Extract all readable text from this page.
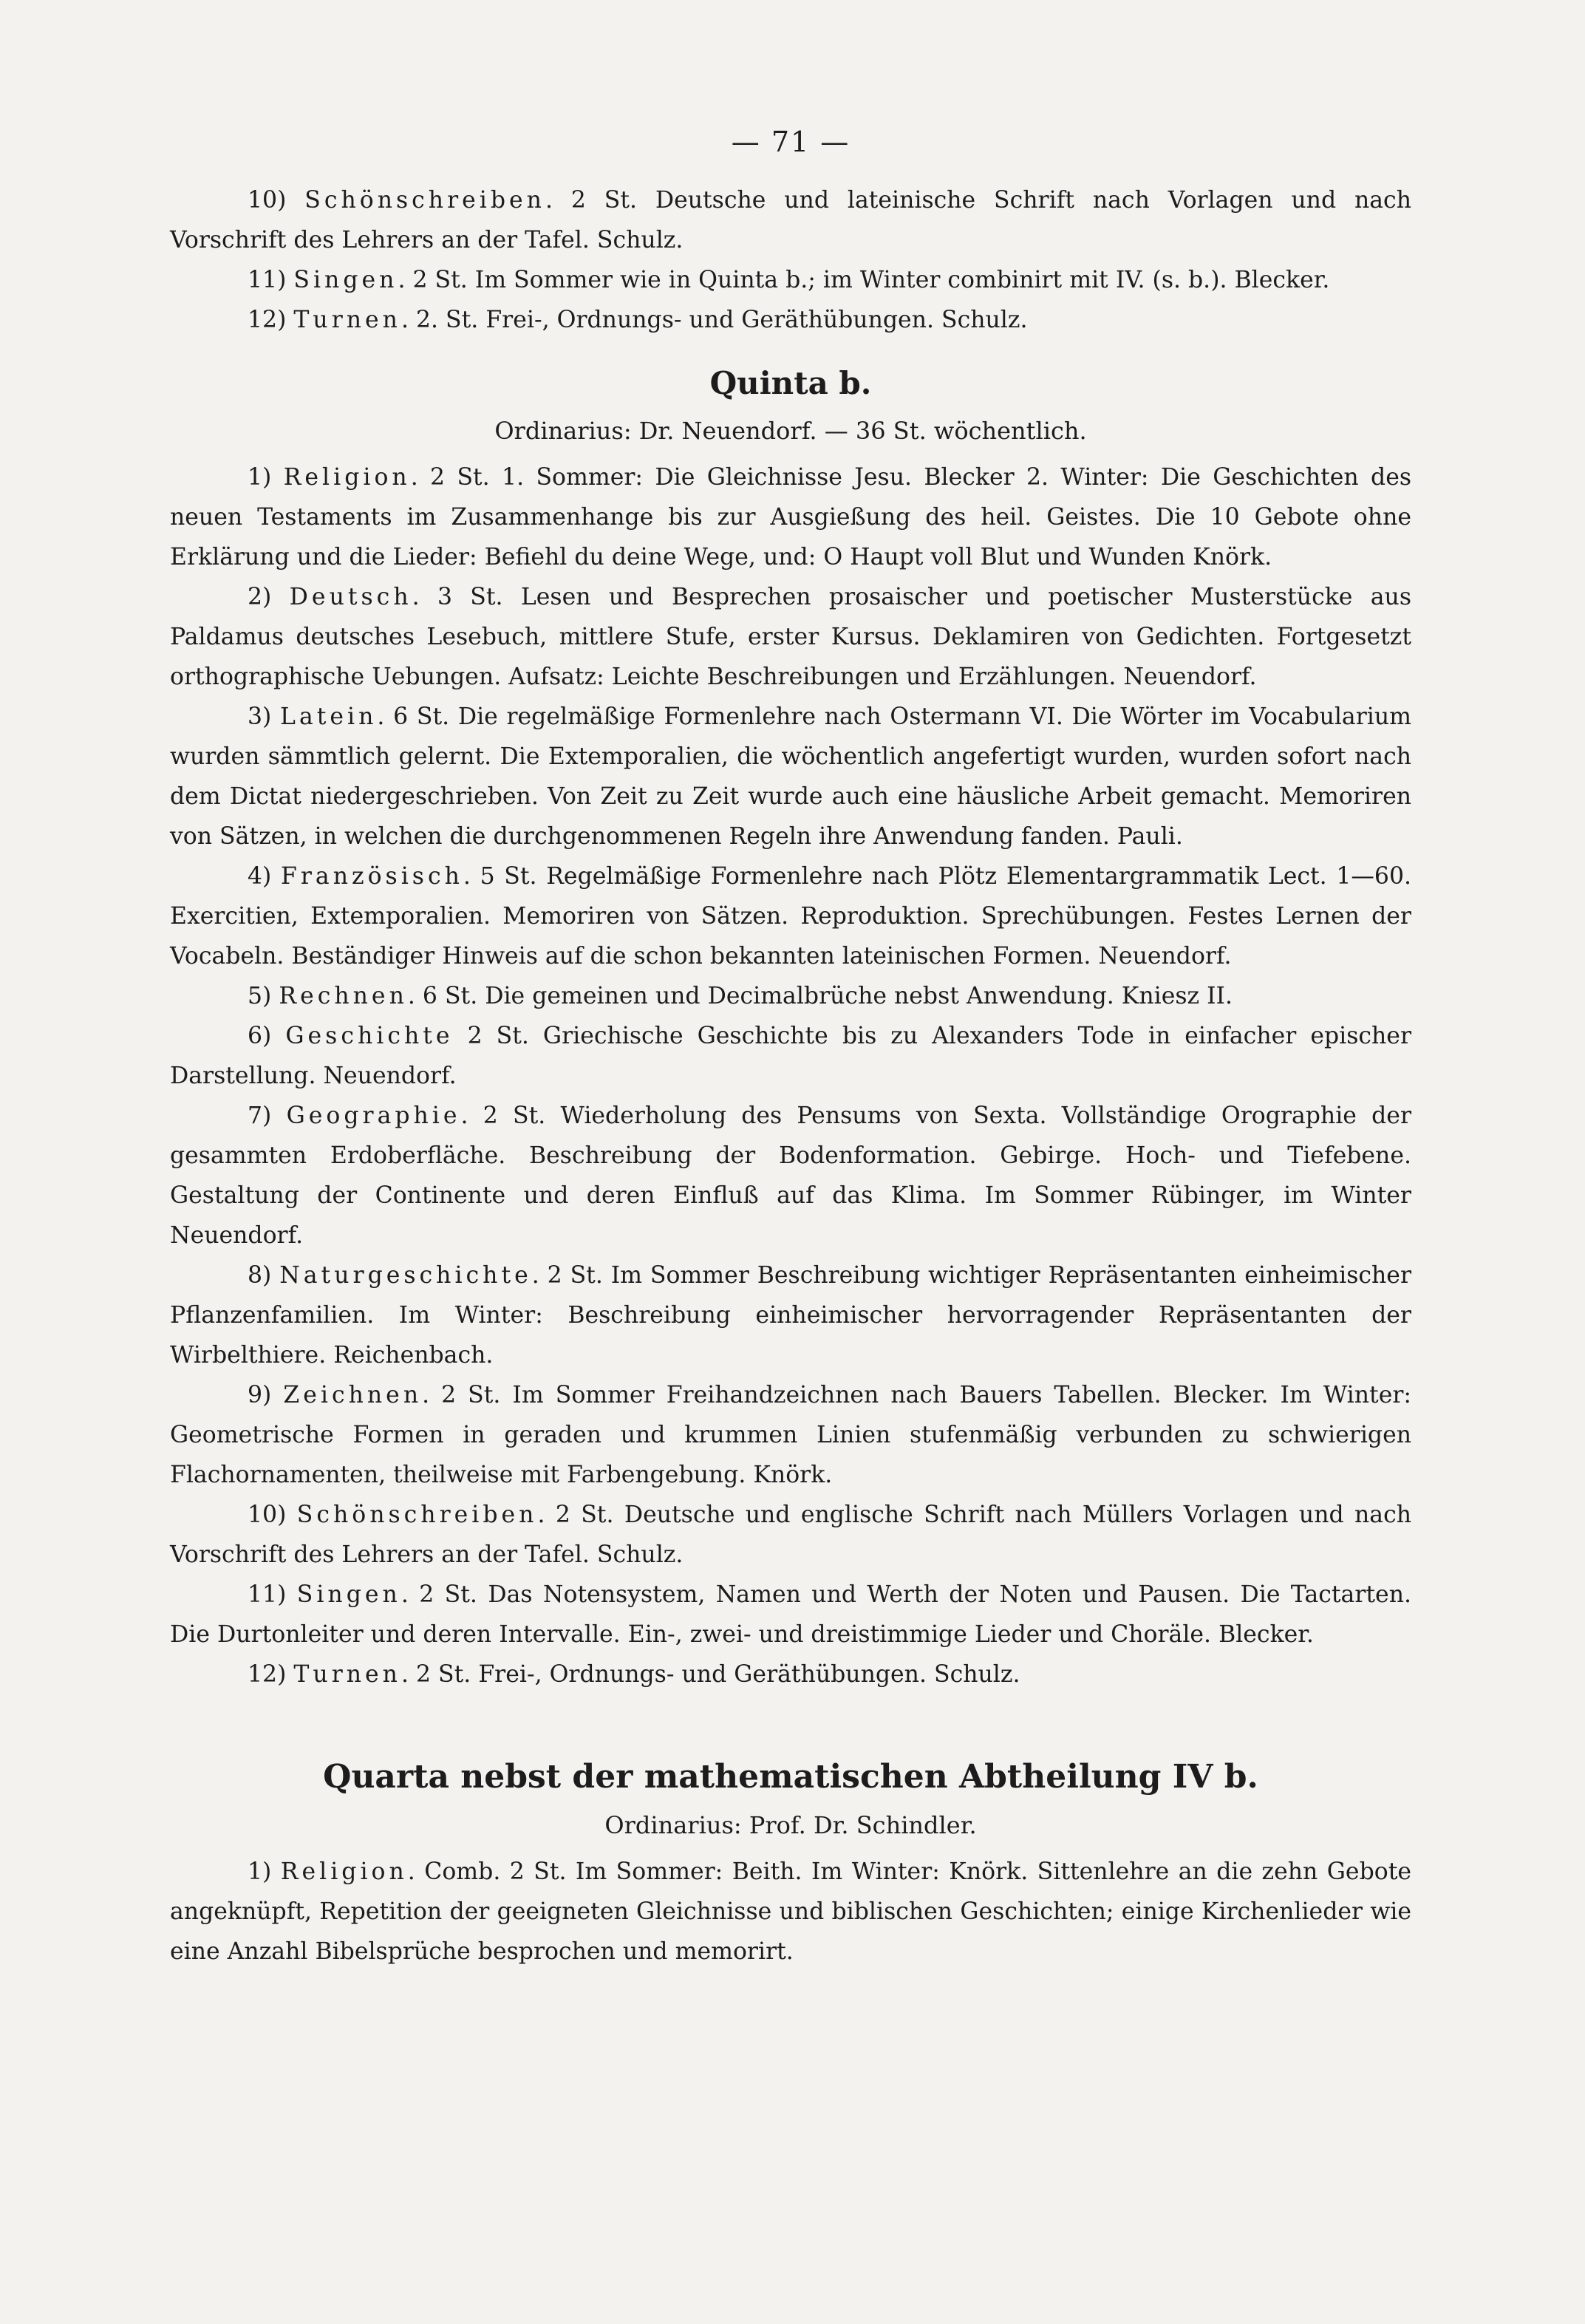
— 71 —

10) Schönschreiben. 2 St. Deutsche und lateinische Schrift nach Vorlagen und nach Vorschrift des Lehrers an der Tafel. Schulz.

11) Singen. 2 St. Im Sommer wie in Quinta b.; im Winter combinirt mit IV. (s. b.). Blecker.

12) Turnen. 2. St. Frei-, Ordnungs- und Geräthübungen. Schulz.

Quinta b.
Ordinarius: Dr. Neuendorf. — 36 St. wöchentlich.

1) Religion. 2 St. 1. Sommer: Die Gleichnisse Jesu. Blecker 2. Winter: Die Geschichten des neuen Testaments im Zusammenhange bis zur Ausgießung des heil. Geistes. Die 10 Gebote ohne Erklärung und die Lieder: Befiehl du deine Wege, und: O Haupt voll Blut und Wunden Knörk.

2) Deutsch. 3 St. Lesen und Besprechen prosaischer und poetischer Musterstücke aus Paldamus deutsches Lesebuch, mittlere Stufe, erster Kursus. Deklamiren von Gedichten. Fortgesetzt orthographische Uebungen. Aufsatz: Leichte Beschreibungen und Erzählungen. Neuendorf.

3) Latein. 6 St. Die regelmäßige Formenlehre nach Ostermann VI. Die Wörter im Vocabularium wurden sämmtlich gelernt. Die Extemporalien, die wöchentlich angefertigt wurden, wurden sofort nach dem Dictat niedergeschrieben. Von Zeit zu Zeit wurde auch eine häusliche Arbeit gemacht. Memoriren von Sätzen, in welchen die durchgenommenen Regeln ihre Anwendung fanden. Pauli.

4) Französisch. 5 St. Regelmäßige Formenlehre nach Plötz Elementargrammatik Lect. 1—60. Exercitien, Extemporalien. Memoriren von Sätzen. Reproduktion. Sprechübungen. Festes Lernen der Vocabeln. Beständiger Hinweis auf die schon bekannten lateinischen Formen. Neuendorf.

5) Rechnen. 6 St. Die gemeinen und Decimalbrüche nebst Anwendung. Kniesz II.

6) Geschichte 2 St. Griechische Geschichte bis zu Alexanders Tode in einfacher epischer Darstellung. Neuendorf.

7) Geographie. 2 St. Wiederholung des Pensums von Sexta. Vollständige Orographie der gesammten Erdoberfläche. Beschreibung der Bodenformation. Gebirge. Hoch- und Tiefebene. Gestaltung der Continente und deren Einfluß auf das Klima. Im Sommer Rübinger, im Winter Neuendorf.

8) Naturgeschichte. 2 St. Im Sommer Beschreibung wichtiger Repräsentanten einheimischer Pflanzenfamilien. Im Winter: Beschreibung einheimischer hervorragender Repräsentanten der Wirbelthiere. Reichenbach.

9) Zeichnen. 2 St. Im Sommer Freihandzeichnen nach Bauers Tabellen. Blecker. Im Winter: Geometrische Formen in geraden und krummen Linien stufenmäßig verbunden zu schwierigen Flachornamenten, theilweise mit Farbengebung. Knörk.

10) Schönschreiben. 2 St. Deutsche und englische Schrift nach Müllers Vorlagen und nach Vorschrift des Lehrers an der Tafel. Schulz.

11) Singen. 2 St. Das Notensystem, Namen und Werth der Noten und Pausen. Die Tactarten. Die Durtonleiter und deren Intervalle. Ein-, zwei- und dreistimmige Lieder und Choräle. Blecker.

12) Turnen. 2 St. Frei-, Ordnungs- und Geräthübungen. Schulz.

Quarta nebst der mathematischen Abtheilung IV b.
Ordinarius: Prof. Dr. Schindler.

1) Religion. Comb. 2 St. Im Sommer: Beith. Im Winter: Knörk. Sittenlehre an die zehn Gebote angeknüpft, Repetition der geeigneten Gleichnisse und biblischen Geschichten; einige Kirchenlieder wie eine Anzahl Bibelsprüche besprochen und memorirt.
